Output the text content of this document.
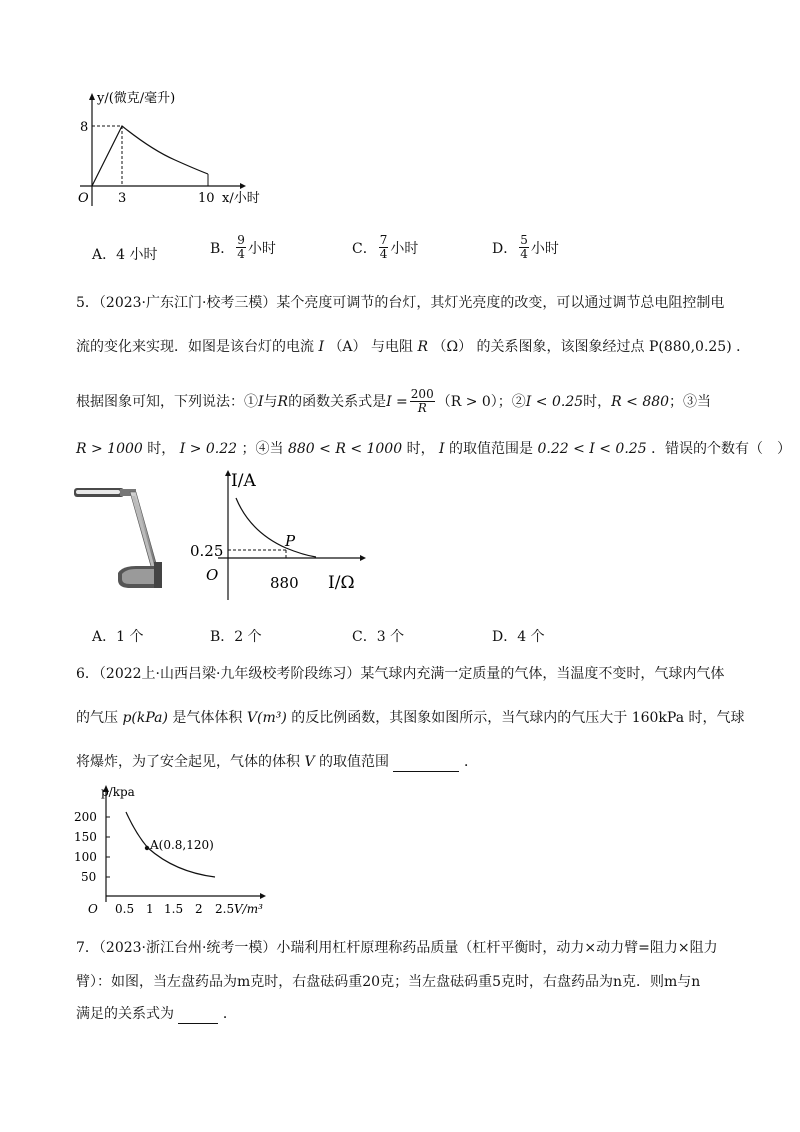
y/(微克/毫升)
8
O 3	10 x/小时
A．4 小时	B． $\frac{9}{4}$ 小时	C． $\frac{7}{4}$ 小时	D． $\frac{5}{4}$ 小时
5．（2023·广东江门·校考三模）某个亮度可调节的台灯，其灯光亮度的改变，可以通过调节总电阻控制电
流的变化来实现．如图是该台灯的电流 I （A） 与电阻 R （Ω） 的关系图象，该图象经过点 P(880,0.25) ．
根据图象可知，下列说法：① I 与 R 的函数关系式是 $I = \frac{200}{R} (R > 0)$；② I < 0.25 时， R < 880 ；③当
R > 1000 时， I > 0.22 ；④当 880 < R < 1000 时， I 的取值范围是 0.22 < I < 0.25 ．错误的个数有（　）
I/A
0.25
P
O	880 I/Ω
A．1 个	B．2 个	C．3 个	D．4 个
6．（2022上·山西吕梁·九年级校考阶段练习）某气球内充满一定质量的气体，当温度不变时，气球内气体
的气压 p(kPa) 是气体体积 V(m³) 的反比例函数，其图象如图所示，当气球内的气压大于 160kPa 时，气球
将爆炸，为了安全起见，气体的体积 V 的取值范围	．
A(0.8,120)
p/kpa
200
150
100
50
O 0.5 1 1.5 2 2.5 V/m³
7．（2023·浙江台州·统考一模）小瑞利用杠杆原理称药品质量（杠杆平衡时，动力×动力臂=阻力×阻力
臂）：如图，当左盘药品为m克时，右盘砝码重20克；当左盘砝码重5克时，右盘药品为n克．则m与n
满足的关系式为	．
